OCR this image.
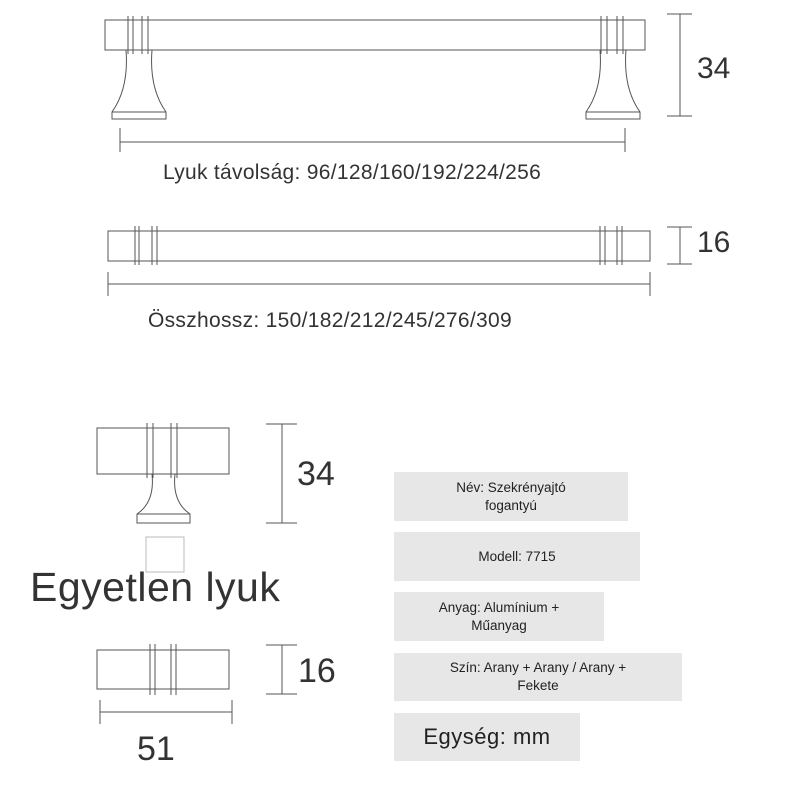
34
Lyuk távolság: 96/128/160/192/224/256
16
Összhossz: 150/182/212/245/276/309
34
Egyetlen lyuk
16
51
Név: Szekrényajtó fogantyú
Modell: 7715
Anyag: Alumínium + Műanyag
Szín: Arany + Arany / Arany + Fekete
Egység: mm
